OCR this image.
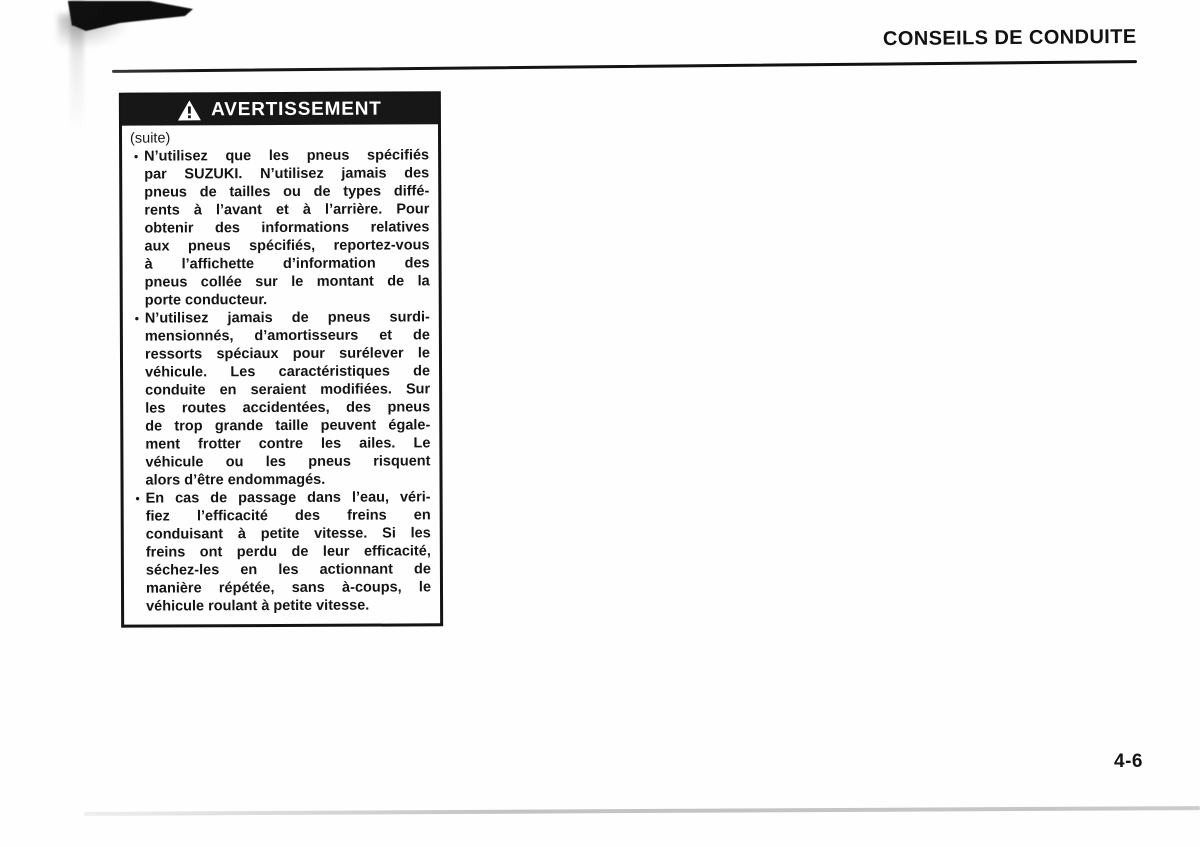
CONSEILS DE CONDUITE
AVERTISSEMENT
(suite)
• N’utilisez que les pneus spécifiés
par SUZUKI. N’utilisez jamais des
pneus de tailles ou de types diffé-
rents à l’avant et à l’arrière. Pour
obtenir des informations relatives
aux pneus spécifiés, reportez-vous
à l’affichette d’information des
pneus collée sur le montant de la
porte conducteur.
• N’utilisez jamais de pneus surdi-
mensionnés, d’amortisseurs et de
ressorts spéciaux pour surélever le
véhicule. Les caractéristiques de
conduite en seraient modifiées. Sur
les routes accidentées, des pneus
de trop grande taille peuvent égale-
ment frotter contre les ailes. Le
véhicule ou les pneus risquent
alors d’être endommagés.
• En cas de passage dans l’eau, véri-
fiez l’efficacité des freins en
conduisant à petite vitesse. Si les
freins ont perdu de leur efficacité,
séchez-les en les actionnant de
manière répétée, sans à-coups, le
véhicule roulant à petite vitesse.
4-6
